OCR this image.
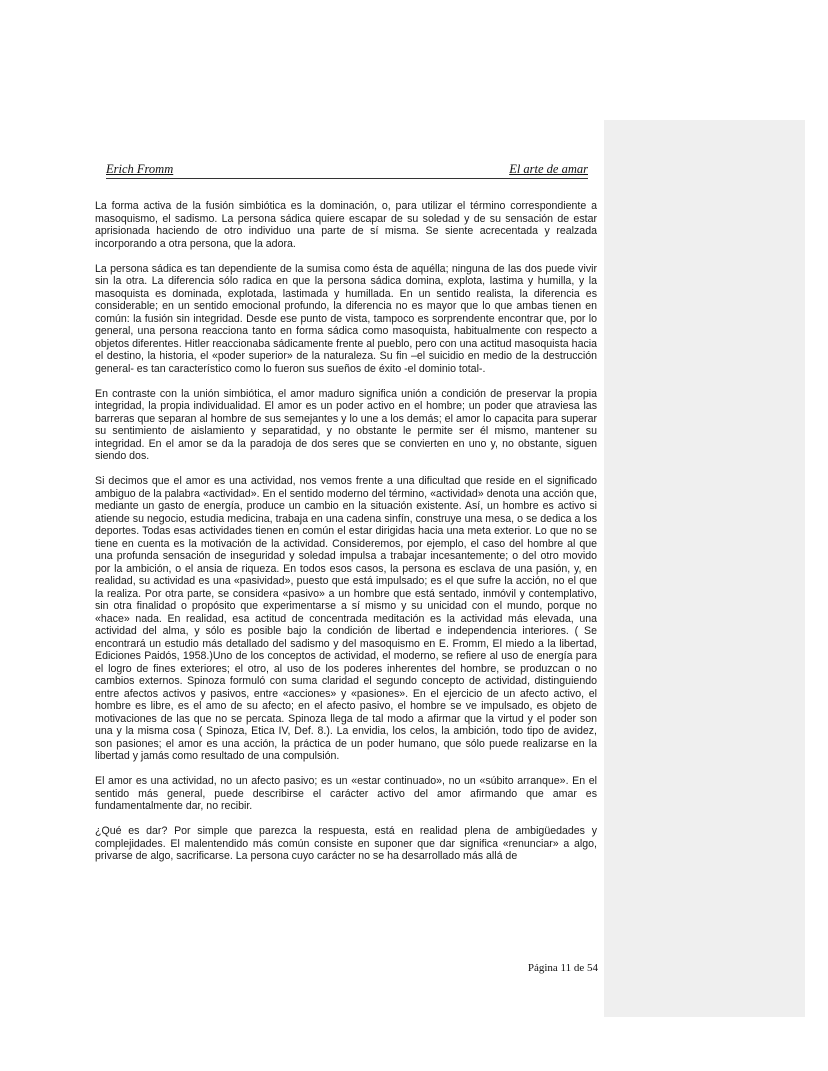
Erich Fromm	El arte de amar

La forma activa de la fusión simbiótica es la dominación, o, para utilizar el término correspondiente a masoquismo, el sadismo. La persona sádica quiere escapar de su soledad y de su sensación de estar aprisionada haciendo de otro individuo una parte de sí misma. Se siente acrecentada y realzada incorporando a otra persona, que la adora.

La persona sádica es tan dependiente de la sumisa como ésta de aquélla; ninguna de las dos puede vivir sin la otra. La diferencia sólo radica en que la persona sádica domina, explota, lastima y humilla, y la masoquista es dominada, explotada, lastimada y humillada. En un sentido realista, la diferencia es considerable; en un sentido emocional profundo, la diferencia no es mayor que lo que ambas tienen en común: la fusión sin integridad. Desde ese punto de vista, tampoco es sorprendente encontrar que, por lo general, una persona reacciona tanto en forma sádica como masoquista, habitualmente con respecto a objetos diferentes. Hitler reaccionaba sádicamente frente al pueblo, pero con una actitud masoquista hacia el destino, la historia, el «poder superior» de la naturaleza. Su fin –el suicidio en medio de la destrucción general- es tan característico como lo fueron sus sueños de éxito -el dominio total-.

En contraste con la unión simbiótica, el amor maduro significa unión a condición de preservar la propia integridad, la propia individualidad. El amor es un poder activo en el hombre; un poder que atraviesa las barreras que separan al hombre de sus semejantes y lo une a los demás; el amor lo capacita para superar su sentimiento de aislamiento y separatidad, y no obstante le permite ser él mismo, mantener su integridad. En el amor se da la paradoja de dos seres que se convierten en uno y, no obstante, siguen siendo dos.

Si decimos que el amor es una actividad, nos vemos frente a una dificultad que reside en el significado ambiguo de la palabra «actividad». En el sentido moderno del término, «actividad» denota una acción que, mediante un gasto de energía, produce un cambio en la situación existente. Así, un hombre es activo si atiende su negocio, estudia medicina, trabaja en una cadena sinfín, construye una mesa, o se dedica a los deportes. Todas esas actividades tienen en común el estar dirigidas hacia una meta exterior. Lo que no se tiene en cuenta es la motivación de la actividad. Consideremos, por ejemplo, el caso del hombre al que una profunda sensación de inseguridad y soledad impulsa a trabajar incesantemente; o del otro movido por la ambición, o el ansia de riqueza. En todos esos casos, la persona es esclava de una pasión, y, en realidad, su actividad es una «pasividad», puesto que está impulsado; es el que sufre la acción, no el que la realiza. Por otra parte, se considera «pasivo» a un hombre que está sentado, inmóvil y contemplativo, sin otra finalidad o propósito que experimentarse a sí mismo y su unicidad con el mundo, porque no «hace» nada. En realidad, esa actitud de concentrada meditación es la actividad más elevada, una actividad del alma, y sólo es posible bajo la condición de libertad e independencia interiores. ( Se encontrará un estudio más detallado del sadismo y del masoquismo en E. Fromm, El miedo a la libertad, Ediciones Paidós, 1958.)Uno de los conceptos de actividad, el moderno, se refiere al uso de energía para el logro de fines exteriores; el otro, al uso de los poderes inherentes del hombre, se produzcan o no cambios externos. Spinoza formuló con suma claridad el segundo concepto de actividad, distinguiendo entre afectos activos y pasivos, entre «acciones» y «pasiones». En el ejercicio de un afecto activo, el hombre es libre, es el amo de su afecto; en el afecto pasivo, el hombre se ve impulsado, es objeto de motivaciones de las que no se percata. Spinoza llega de tal modo a afirmar que la virtud y el poder son una y la misma cosa ( Spinoza, Etica IV, Def. 8.). La envidia, los celos, la ambición, todo tipo de avidez, son pasiones; el amor es una acción, la práctica de un poder humano, que sólo puede realizarse en la libertad y jamás como resultado de una compulsión.

El amor es una actividad, no un afecto pasivo; es un «estar continuado», no un «súbito arranque». En el sentido más general, puede describirse el carácter activo del amor afirmando que amar es fundamentalmente dar, no recibir.

¿Qué es dar? Por simple que parezca la respuesta, está en realidad plena de ambigüedades y complejidades. El malentendido más común consiste en suponer que dar significa «renunciar» a algo, privarse de algo, sacrificarse. La persona cuyo carácter no se ha desarrollado más allá de

Página 11 de 54
